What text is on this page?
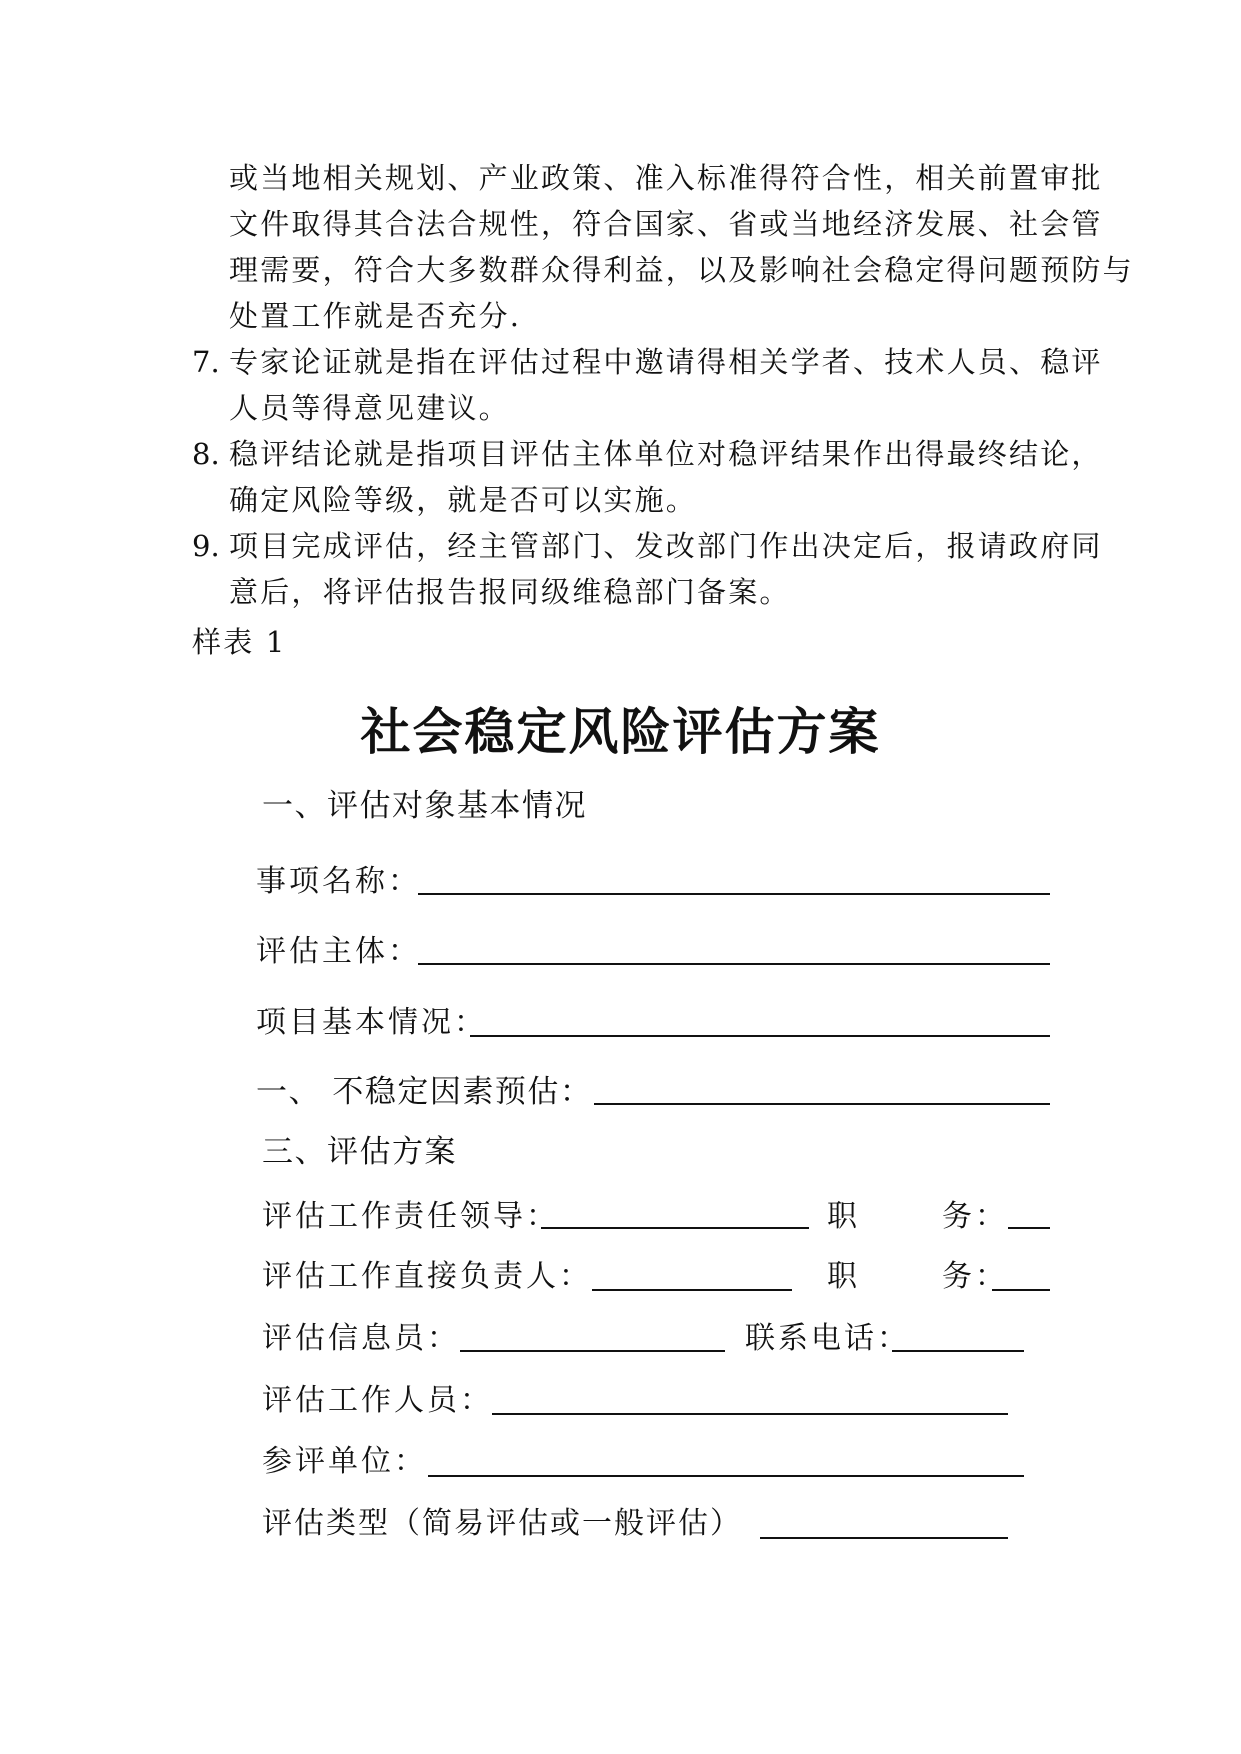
或当地相关规划、产业政策、准入标准得符合性，相关前置审批
文件取得其合法合规性，符合国家、省或当地经济发展、社会管
理需要，符合大多数群众得利益，以及影响社会稳定得问题预防与
处置工作就是否充分.
7. 专家论证就是指在评估过程中邀请得相关学者、技术人员、稳评
人员等得意见建议。
8. 稳评结论就是指项目评估主体单位对稳评结果作出得最终结论，
确定风险等级，就是否可以实施。
9. 项目完成评估，经主管部门、发改部门作出决定后，报请政府同
意后，将评估报告报同级维稳部门备案。
样表 1
社会稳定风险评估方案
一、评估对象基本情况
事项名称：
评估主体：
项目基本情况：
一、 不稳定因素预估：
三、评估方案
评估工作责任领导：	职	务：
评估工作直接负责人：	职	务：
评估信息员：	联系电话：
评估工作人员：
参评单位：
评估类型（简易评估或一般评估）
